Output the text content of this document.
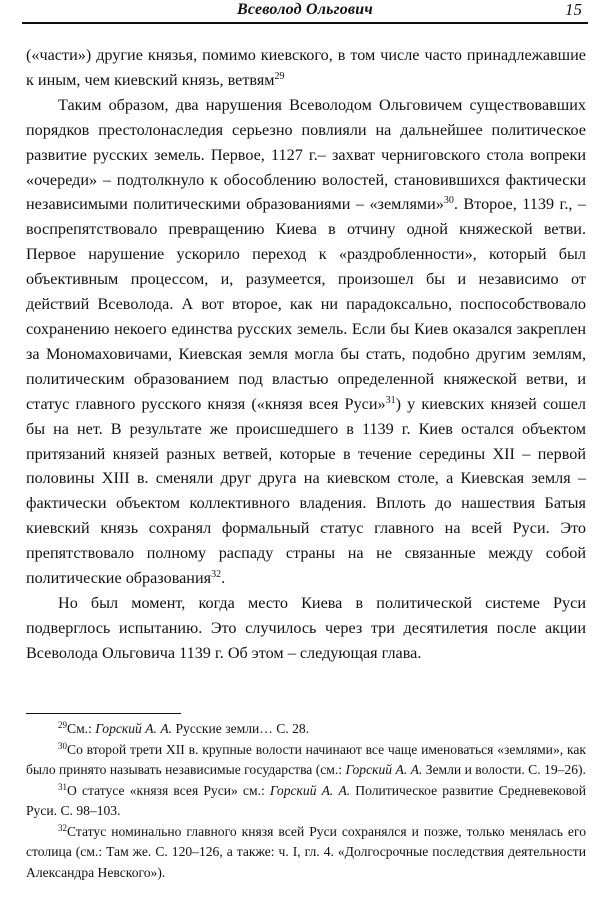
Всеволод Ольгович	15

(«части») другие князья, помимо киевского, в том числе часто принадлежавшие к иным, чем киевский князь, ветвям$^{29}$

Таким образом, два нарушения Всеволодом Ольговичем существовавших порядков престолонаследия серьезно повлияли на дальнейшее политическое развитие русских земель. Первое, 1127 г.– захват черниговского стола вопреки «очереди» – подтолкнуло к обособлению волостей, становившихся фактически независимыми политическими образованиями – «землями»$^{30}$. Второе, 1139 г., – воспрепятствовало превращению Киева в отчину одной княжеской ветви. Первое нарушение ускорило переход к «раздробленности», который был объективным процессом, и, разумеется, произошел бы и независимо от действий Всеволода. А вот второе, как ни парадоксально, поспособствовало сохранению некоего единства русских земель. Если бы Киев оказался закреплен за Мономаховичами, Киевская земля могла бы стать, подобно другим землям, политическим образованием под властью определенной княжеской ветви, и статус главного русского князя («князя всея Руси»$^{31}$) у киевских князей сошел бы на нет. В результате же происшедшего в 1139 г. Киев остался объектом притязаний князей разных ветвей, которые в течение середины XII – первой половины XIII в. сменяли друг друга на киевском столе, а Киевская земля – фактически объектом коллективного владения. Вплоть до нашествия Батыя киевский князь сохранял формальный статус главного на всей Руси. Это препятствовало полному распаду страны на не связанные между собой политические образования$^{32}$.

Но был момент, когда место Киева в политической системе Руси подверглось испытанию. Это случилось через три десятилетия после акции Всеволода Ольговича 1139 г. Об этом – следующая глава.

$^{29}$См.: Горский А. А. Русские земли… С. 28.

$^{30}$Со второй трети XII в. крупные волости начинают все чаще именоваться «землями», как было принято называть независимые государства (см.: Горский А. А. Земли и волости. С. 19–26).

$^{31}$О статусе «князя всея Руси» см.: Горский А. А. Политическое развитие Средневековой Руси. С. 98–103.

$^{32}$Статус номинально главного князя всей Руси сохранялся и позже, только менялась его столица (см.: Там же. С. 120–126, а также: ч. I, гл. 4. «Долгосрочные последствия деятельности Александра Невского»).
